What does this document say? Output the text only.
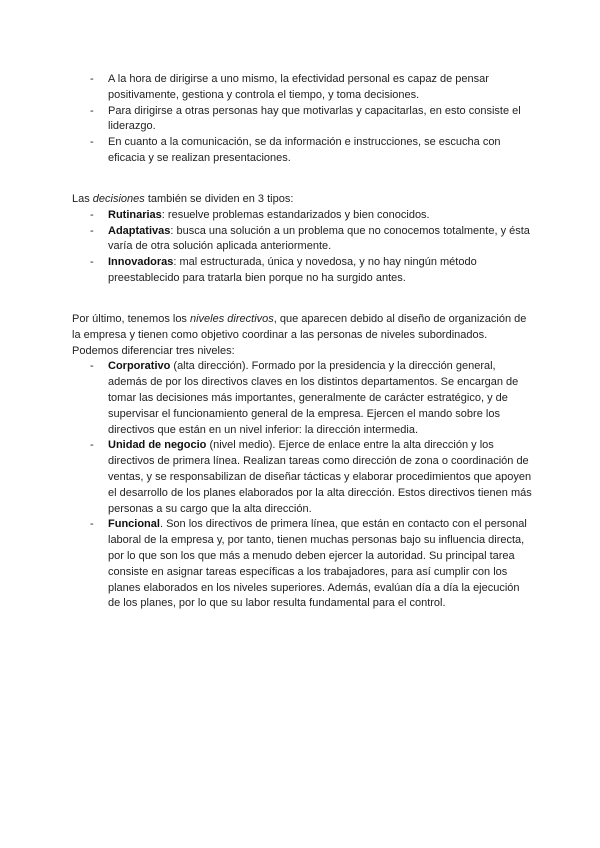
- A la hora de dirigirse a uno mismo, la efectividad personal es capaz de pensar positivamente, gestiona y controla el tiempo, y toma decisiones.
- Para dirigirse a otras personas hay que motivarlas y capacitarlas, en esto consiste el liderazgo.
- En cuanto a la comunicación, se da información e instrucciones, se escucha con eficacia y se realizan presentaciones.

Las decisiones también se dividen en 3 tipos:

- Rutinarias: resuelve problemas estandarizados y bien conocidos.
- Adaptativas: busca una solución a un problema que no conocemos totalmente, y ésta varía de otra solución aplicada anteriormente.
- Innovadoras: mal estructurada, única y novedosa, y no hay ningún método preestablecido para tratarla bien porque no ha surgido antes.

Por último, tenemos los niveles directivos, que aparecen debido al diseño de organización de la empresa y tienen como objetivo coordinar a las personas de niveles subordinados. Podemos diferenciar tres niveles:

- Corporativo (alta dirección). Formado por la presidencia y la dirección general, además de por los directivos claves en los distintos departamentos. Se encargan de tomar las decisiones más importantes, generalmente de carácter estratégico, y de supervisar el funcionamiento general de la empresa. Ejercen el mando sobre los directivos que están en un nivel inferior: la dirección intermedia.
- Unidad de negocio (nivel medio). Ejerce de enlace entre la alta dirección y los directivos de primera línea. Realizan tareas como dirección de zona o coordinación de ventas, y se responsabilizan de diseñar tácticas y elaborar procedimientos que apoyen el desarrollo de los planes elaborados por la alta dirección. Estos directivos tienen más personas a su cargo que la alta dirección.
- Funcional. Son los directivos de primera línea, que están en contacto con el personal laboral de la empresa y, por tanto, tienen muchas personas bajo su influencia directa, por lo que son los que más a menudo deben ejercer la autoridad. Su principal tarea consiste en asignar tareas específicas a los trabajadores, para así cumplir con los planes elaborados en los niveles superiores. Además, evalúan día a día la ejecución de los planes, por lo que su labor resulta fundamental para el control.
